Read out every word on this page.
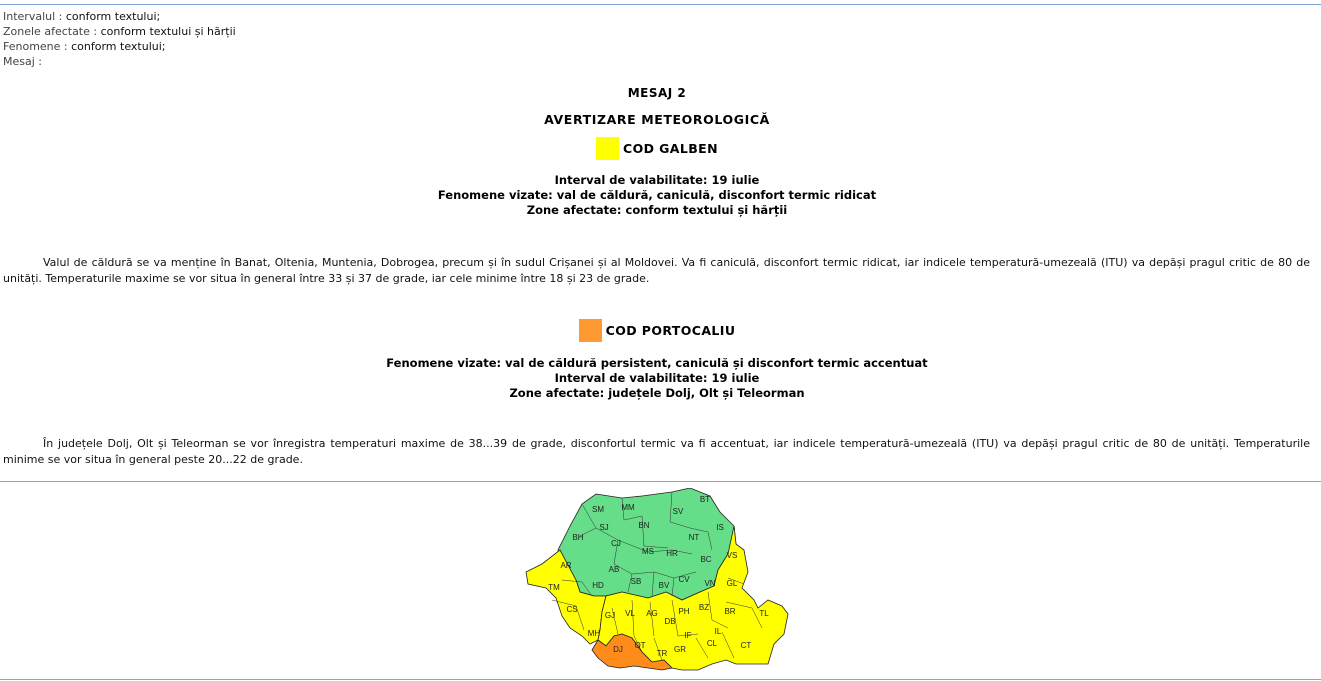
Intervalul : conform textului;
Zonele afectate : conform textului și hărții
Fenomene : conform textului;
Mesaj :
MESAJ 2
AVERTIZARE METEOROLOGICĂ
COD GALBEN
Interval de valabilitate: 19 iulie
Fenomene vizate: val de căldură, caniculă, disconfort termic ridicat
Zone afectate: conform textului și hărții
Valul de căldură se va menține în Banat, Oltenia, Muntenia, Dobrogea, precum și în sudul Crișanei și al Moldovei. Va fi caniculă, disconfort termic ridicat, iar indicele temperatură-umezeală (ITU) va depăși pragul critic de 80 de unități. Temperaturile maxime se vor situa în general între 33 și 37 de grade, iar cele minime între 18 și 23 de grade.
COD PORTOCALIU
Fenomene vizate: val de căldură persistent, caniculă și disconfort termic accentuat
Interval de valabilitate: 19 iulie
Zone afectate: județele Dolj, Olt și Teleorman
În județele Dolj, Olt și Teleorman se vor înregistra temperaturi maxime de 38...39 de grade, disconfortul termic va fi accentuat, iar indicele temperatură-umezeală (ITU) va depăși pragul critic de 80 de unități. Temperaturile minime se vor situa în general peste 20...22 de grade.
BT
SM MM	SV
SJ	BN	IS
BH
CJ
NT
MS HR	VS
BC
AR	AB
TM	HD	SB BV
CV VN GL
CS
GJ VL AG	PH BZ BR	TL
DB
MH	IF	IL
DJ OT
TR GR
CL	CT
